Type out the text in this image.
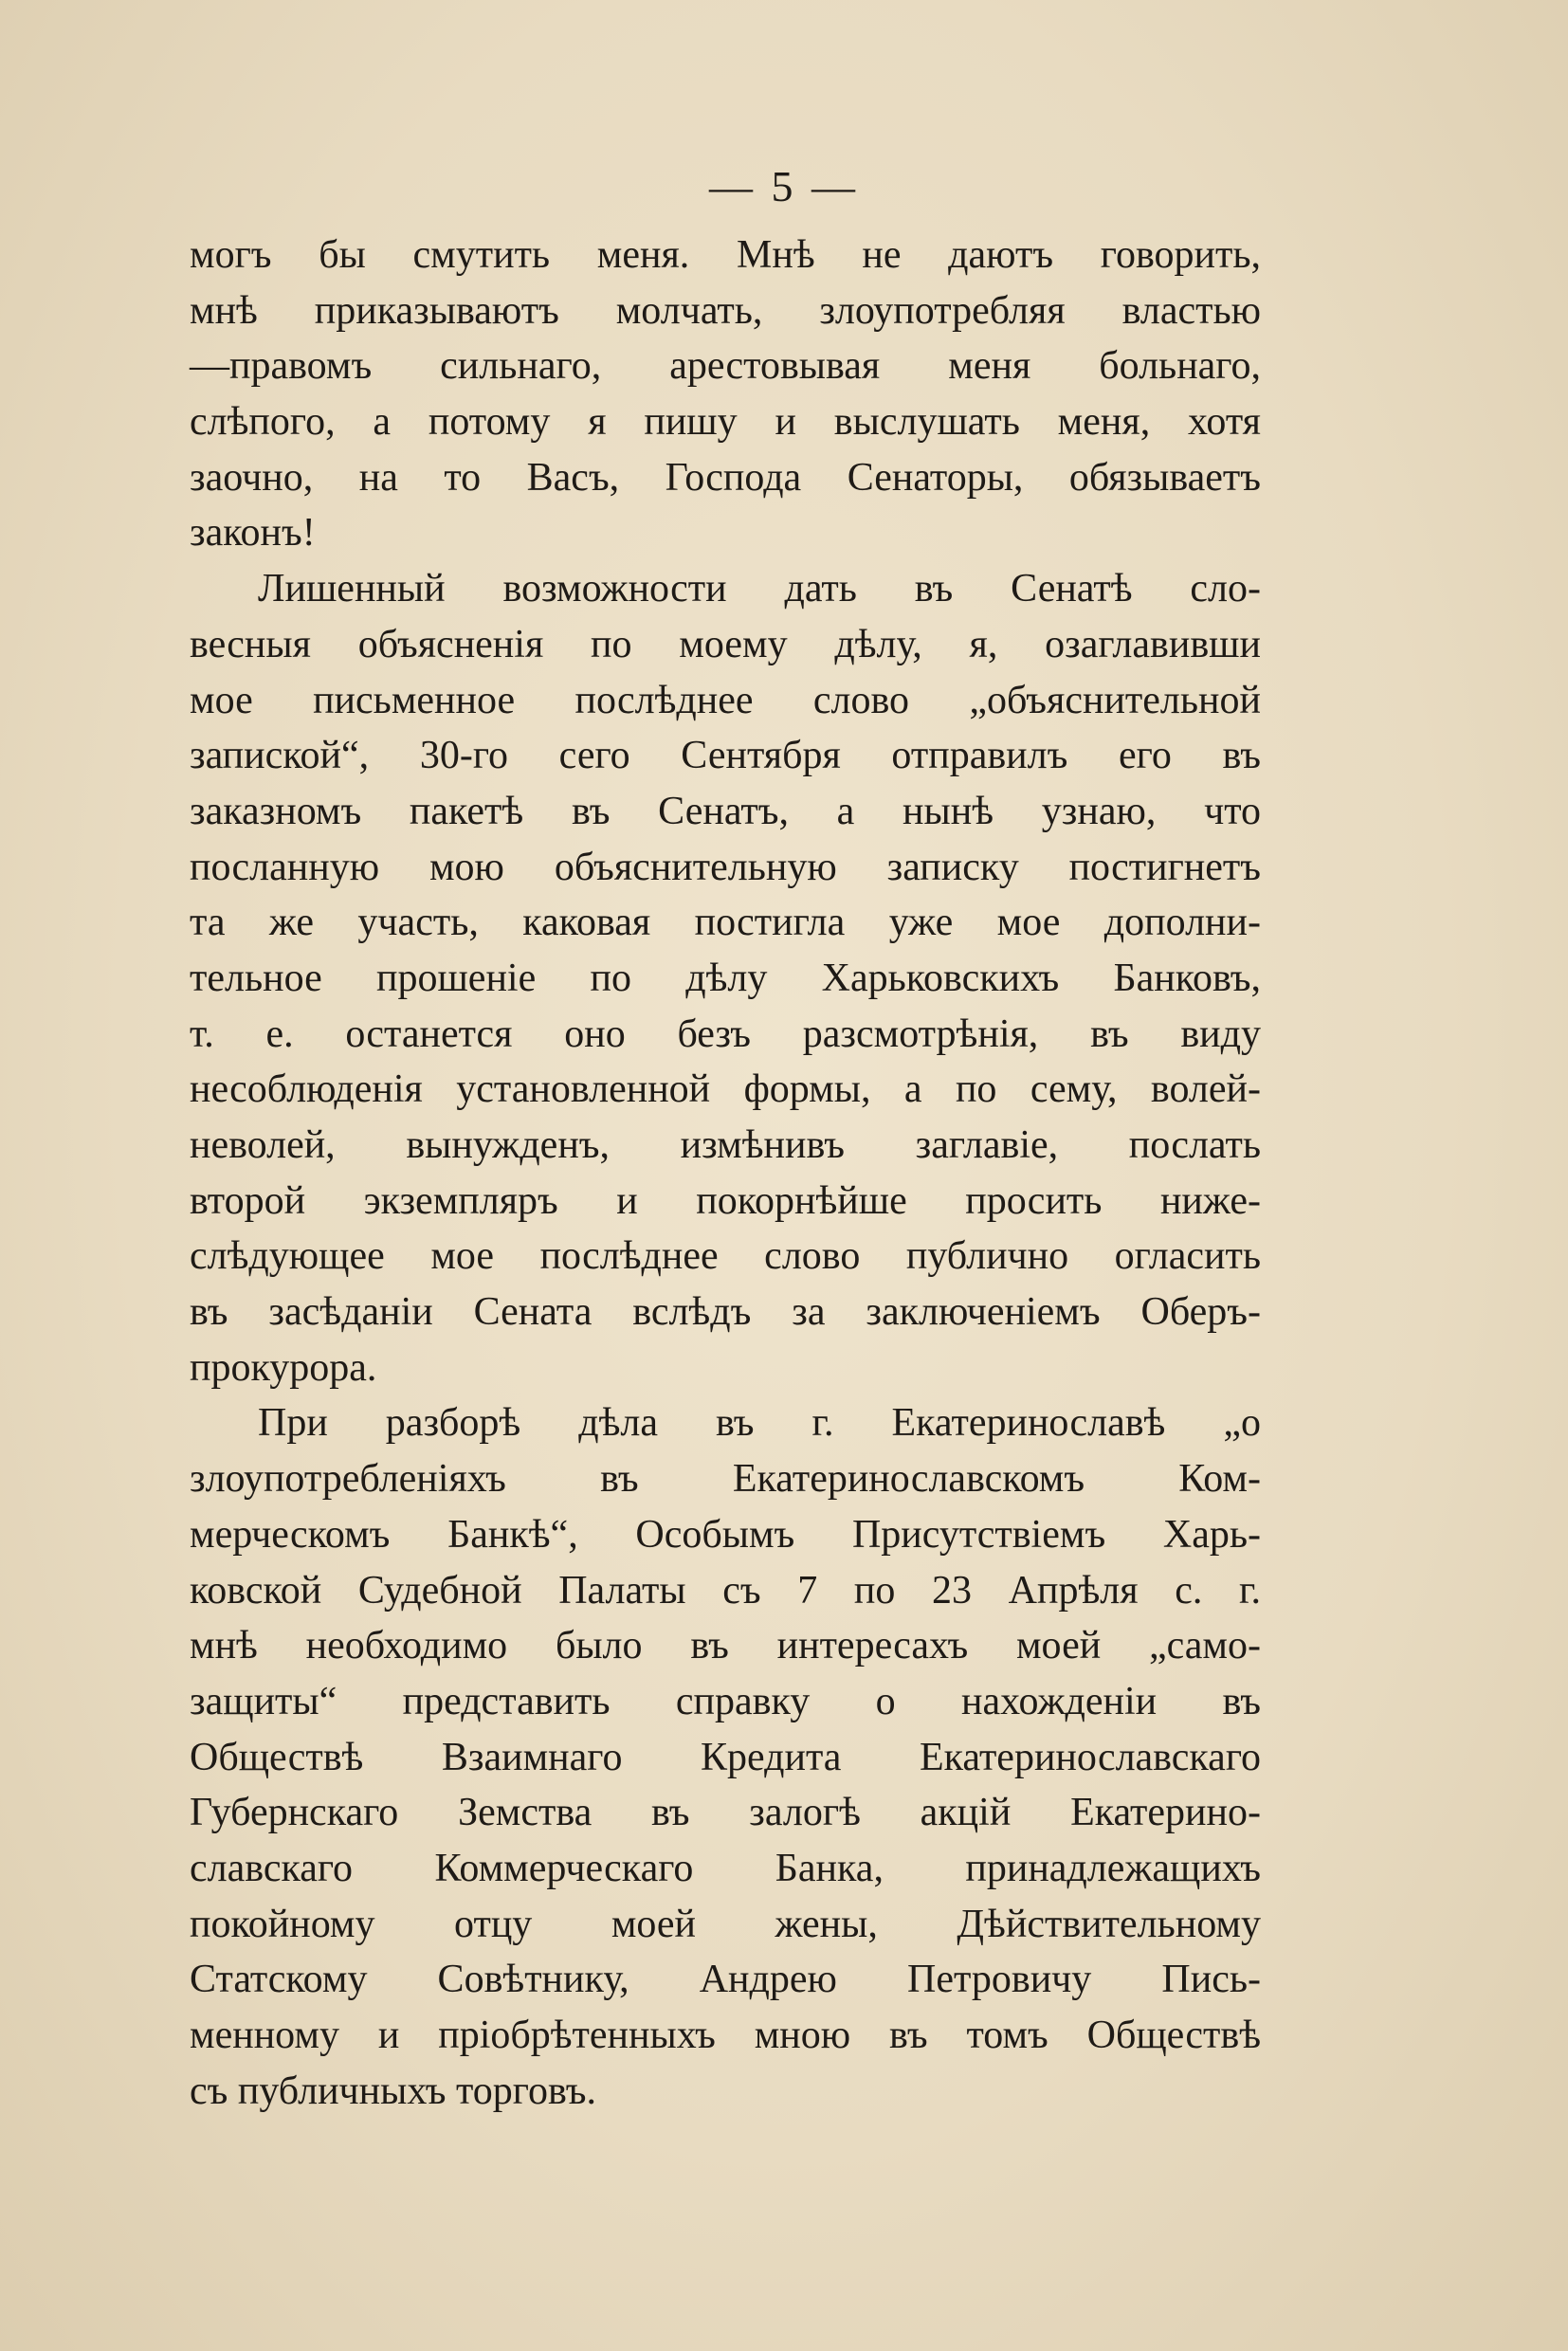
— 5 —
могъ бы смутить меня. Мнѣ не даютъ говорить,
мнѣ приказываютъ молчать, злоупотребляя властью
—правомъ сильнаго, арестовывая меня больнаго,
слѣпого, а потому я пишу и выслушать меня, хотя
заочно, на то Васъ, Господа Сенаторы, обязываетъ
законъ!
Лишенный возможности дать въ Сенатѣ сло-
весныя объясненія по моему дѣлу, я, озаглавивши
мое письменное послѣднее слово „объяснительной
запиской“, 30-го сего Сентября отправилъ его въ
заказномъ пакетѣ въ Сенатъ, а нынѣ узнаю, что
посланную мою объяснительную записку постигнетъ
та же участь, каковая постигла уже мое дополни-
тельное прошеніе по дѣлу Харьковскихъ Банковъ,
т. е. останется оно безъ разсмотрѣнія, въ виду
несоблюденія установленной формы, а по сему, волей-
неволей, вынужденъ, измѣнивъ заглавіе, послать
второй экземпляръ и покорнѣйше просить ниже-
слѣдующее мое послѣднее слово публично огласить
въ засѣданіи Сената вслѣдъ за заключеніемъ Оберъ-
прокурора.
При разборѣ дѣла въ г. Екатеринославѣ „о
злоупотребленіяхъ въ Екатеринославскомъ Ком-
мерческомъ Банкѣ“, Особымъ Присутствіемъ Харь-
ковской Судебной Палаты съ 7 по 23 Апрѣля с. г.
мнѣ необходимо было въ интересахъ моей „само-
защиты“ представить справку о нахожденіи въ
Обществѣ Взаимнаго Кредита Екатеринославскаго
Губернскаго Земства въ залогѣ акцій Екатерино-
славскаго Коммерческаго Банка, принадлежащихъ
покойному отцу моей жены, Дѣйствительному
Статскому Совѣтнику, Андрею Петровичу Пись-
менному и пріобрѣтенныхъ мною въ томъ Обществѣ
съ публичныхъ торговъ.
